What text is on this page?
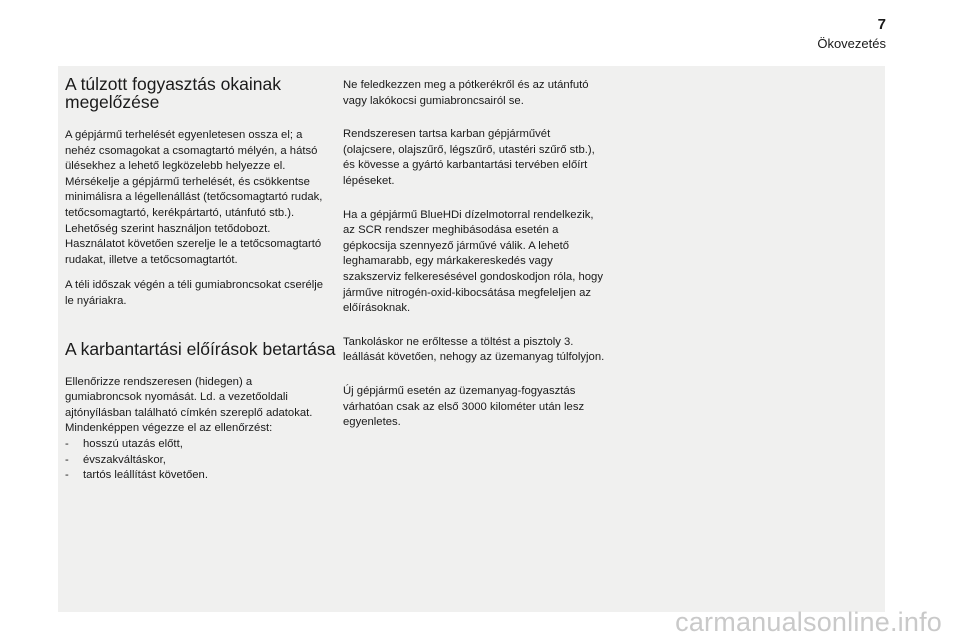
7
Ökovezetés
A túlzott fogyasztás okainak megelőzése

A gépjármű terhelését egyenletesen ossza el; a nehéz csomagokat a csomagtartó mélyén, a hátsó ülésekhez a lehető legközelebb helyezze el. Mérsékelje a gépjármű terhelését, és csökkentse minimálisra a légellenállást (tetőcsomagtartó rudak, tetőcsomagtartó, kerékpártartó, utánfutó stb.). Lehetőség szerint használjon tetődobozt. Használatot követően szerelje le a tetőcsomagtartó rudakat, illetve a tetőcsomagtartót.

A téli időszak végén a téli gumiabroncsokat cserélje le nyáriakra.

A karbantartási előírások betartása

Ellenőrizze rendszeresen (hidegen) a gumiabroncsok nyomását. Ld. a vezetőoldali ajtónyílásban található címkén szereplő adatokat. Mindenképpen végezze el az ellenőrzést:

- hosszú utazás előtt,
- évszakváltáskor,
- tartós leállítást követően.

Ne feledkezzen meg a pótkerékről és az utánfutó vagy lakókocsi gumiabroncsairól se.

Rendszeresen tartsa karban gépjárművét (olajcsere, olajszűrő, légszűrő, utastéri szűrő stb.), és kövesse a gyártó karbantartási tervében előírt lépéseket.

Ha a gépjármű BlueHDi dízelmotorral rendelkezik, az SCR rendszer meghibásodása esetén a gépkocsija szennyező járművé válik. A lehető leghamarabb, egy márkakereskedés vagy szakszerviz felkeresésével gondoskodjon róla, hogy járműve nitrogén-oxid-kibocsátása megfeleljen az előírásoknak.

Tankoláskor ne erőltesse a töltést a pisztoly 3. leállását követően, nehogy az üzemanyag túlfolyjon.

Új gépjármű esetén az üzemanyag-fogyasztás várhatóan csak az első 3000 kilométer után lesz egyenletes.

carmanualsonline.info
